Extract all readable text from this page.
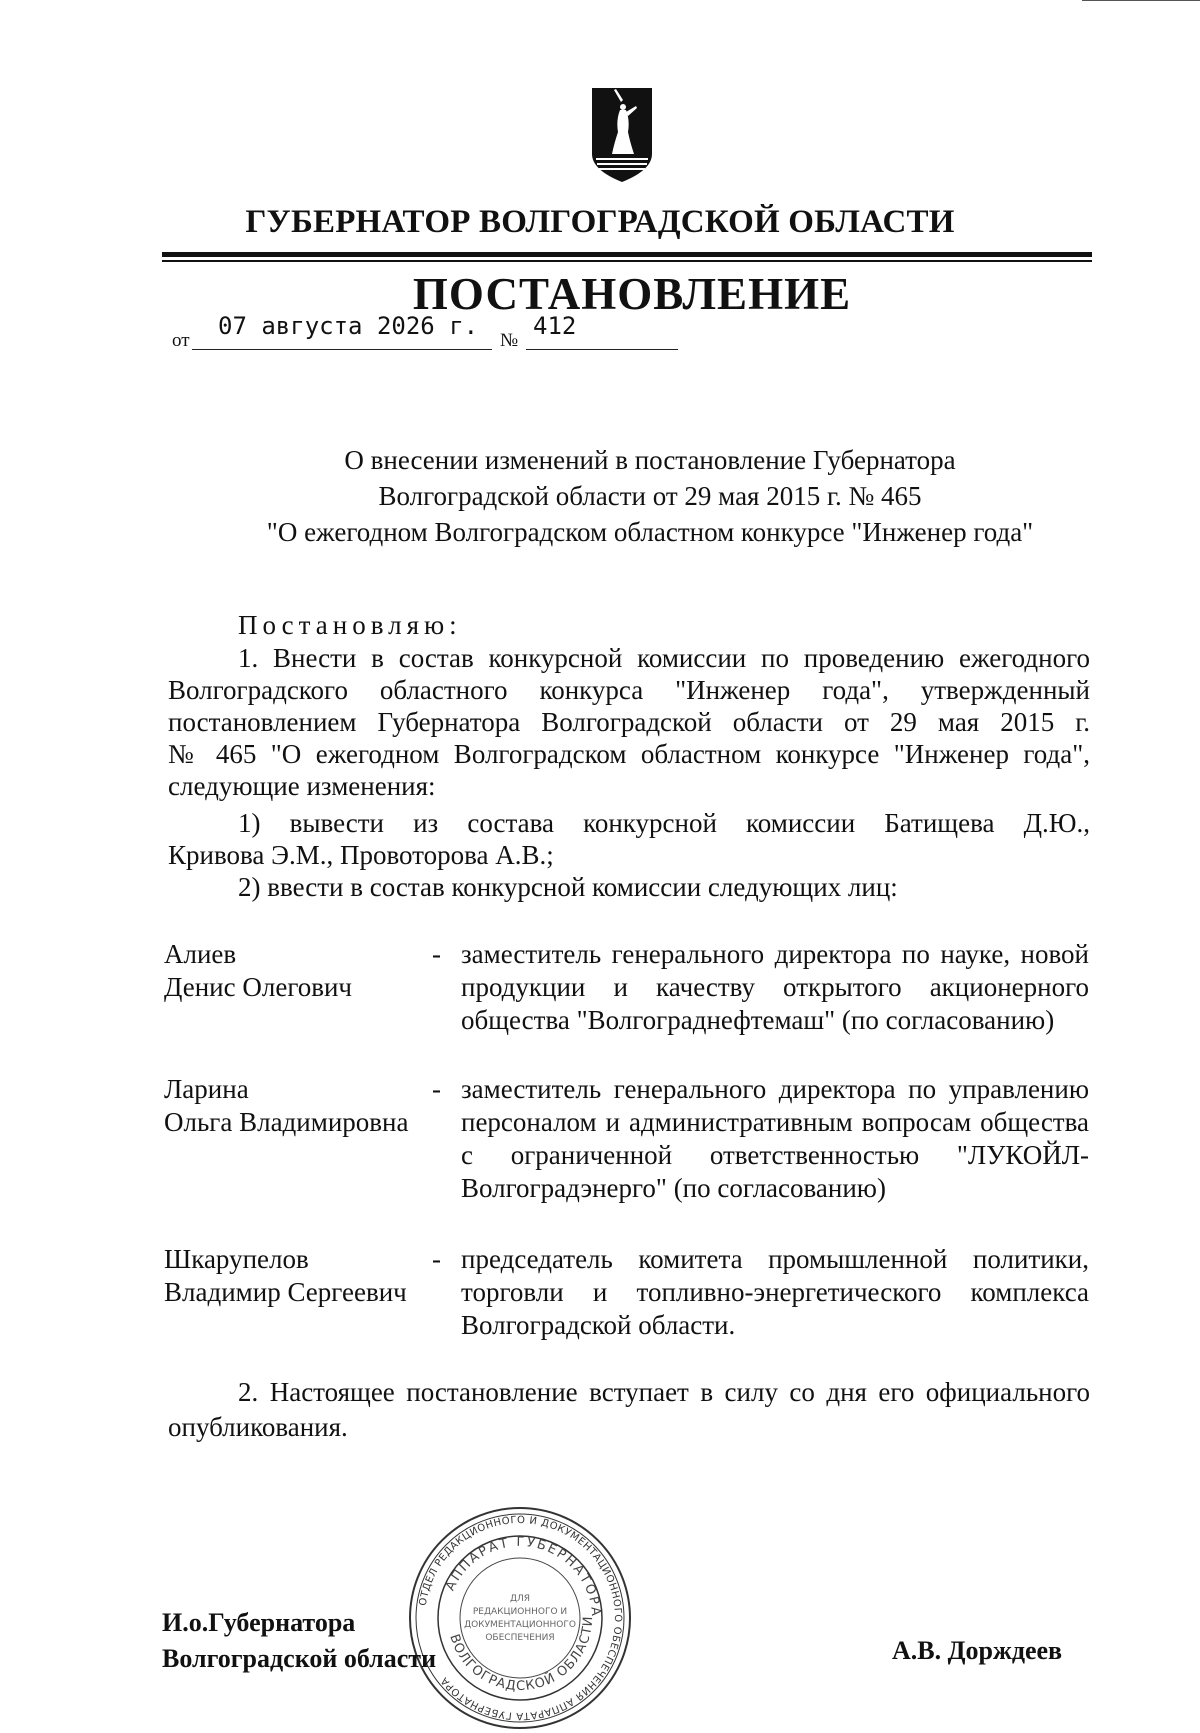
ГУБЕРНАТОР ВОЛГОГРАДСКОЙ ОБЛАСТИ
ПОСТАНОВЛЕНИЕ
от
07 августа 2026 г.
№
412
О внесении изменений в постановление Губернатора
Волгоградской области от 29 мая 2015 г. № 465
"О ежегодном Волгоградском областном конкурсе "Инженер года"
Постановляю:
1. Внести в состав конкурсной комиссии по проведению ежегодного
Волгоградского областного конкурса "Инженер года", утвержденный
постановлением Губернатора Волгоградской области от 29 мая 2015 г.
№ 465 "О ежегодном Волгоградском областном конкурсе "Инженер года",
следующие изменения:
1) вывести из состава конкурсной комиссии Батищева Д.Ю.,
Кривова Э.М., Провоторова А.В.;
2) ввести в состав конкурсной комиссии следующих лиц:
Алиев
Денис Олегович
- заместитель генерального директора по науке, новой
продукции и качеству открытого акционерного
общества "Волгограднефтемаш" (по согласованию)
Ларина
Ольга Владимировна
- заместитель генерального директора по управлению
персоналом и административным вопросам общества
с ограниченной ответственностью "ЛУКОЙЛ-
Волгоградэнерго" (по согласованию)
Шкарупелов
Владимир Сергеевич
- председатель комитета промышленной политики,
торговли и топливно-энергетического комплекса
Волгоградской области.
2. Настоящее постановление вступает в силу со дня его официального
опубликования.
ОТДЕЛ РЕДАКЦИОННОГО И ДОКУМЕНТАЦИОННОГО ОБЕСПЕЧЕНИЯ АППАРАТА ГУБЕРНАТОРА
АППАРАТ ГУБЕРНАТОРА
ВОЛГОГРАДСКОЙ ОБЛАСТИ
ДЛЯ
РЕДАКЦИОННОГО И
ДОКУМЕНТАЦИОННОГО
ОБЕСПЕЧЕНИЯ
И.о.Губернатора
Волгоградской области	А.В. Дорждеев
